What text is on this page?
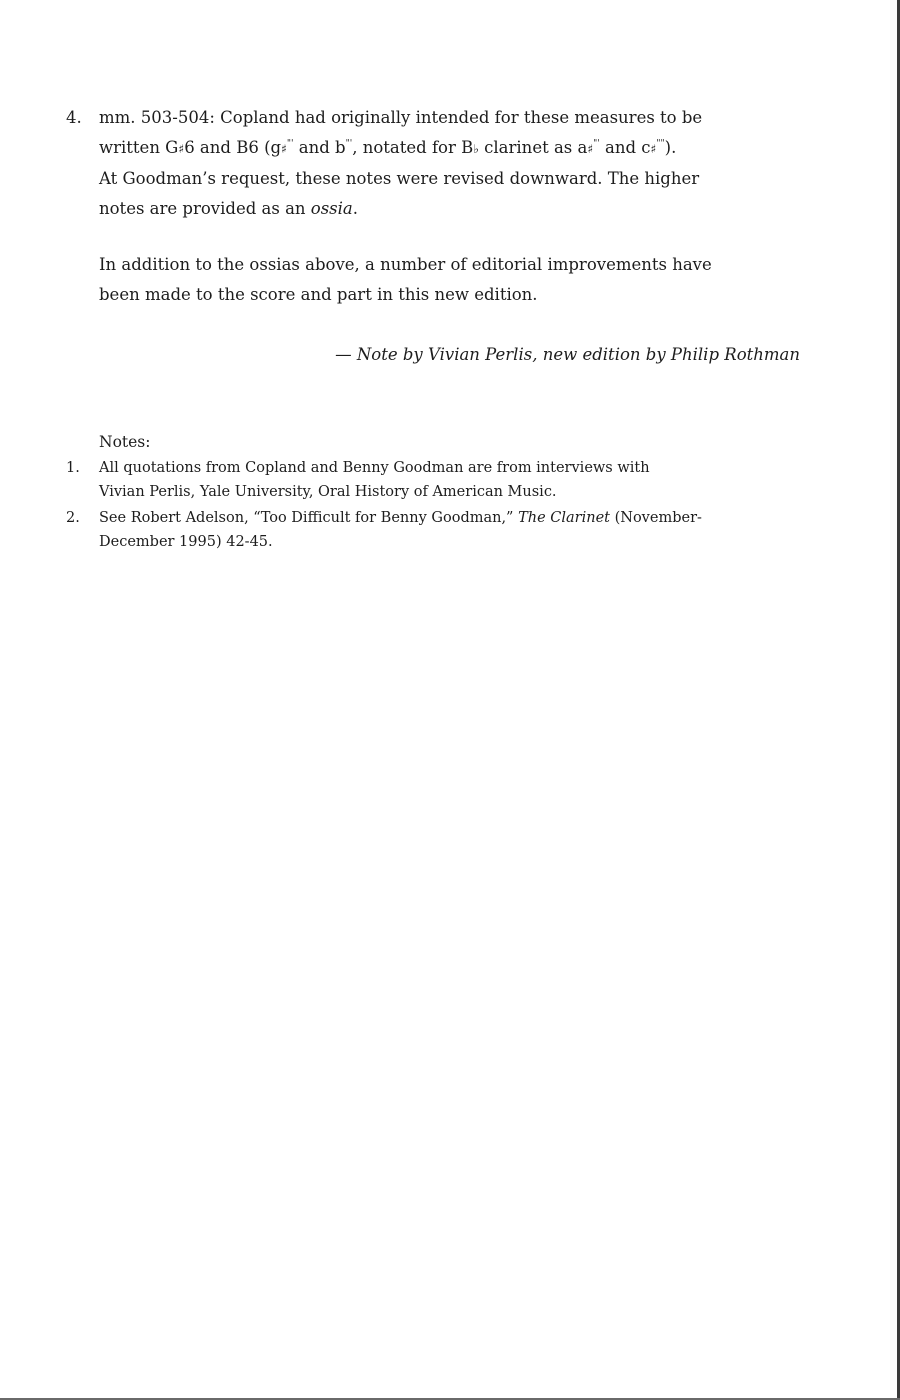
4. mm. 503-504: Copland had originally intended for these measures to be
written G♯6 and B6 (g♯"' and b"', notated for B♭ clarinet as a♯"' and c♯"").
At Goodman’s request, these notes were revised downward. The higher
notes are provided as an ossia.
In addition to the ossias above, a number of editorial improvements have
been made to the score and part in this new edition.
— Note by Vivian Perlis, new edition by Philip Rothman
Notes:
1. All quotations from Copland and Benny Goodman are from interviews with
Vivian Perlis, Yale University, Oral History of American Music.
2. See Robert Adelson, “Too Difficult for Benny Goodman,” The Clarinet (November-
December 1995) 42-45.
